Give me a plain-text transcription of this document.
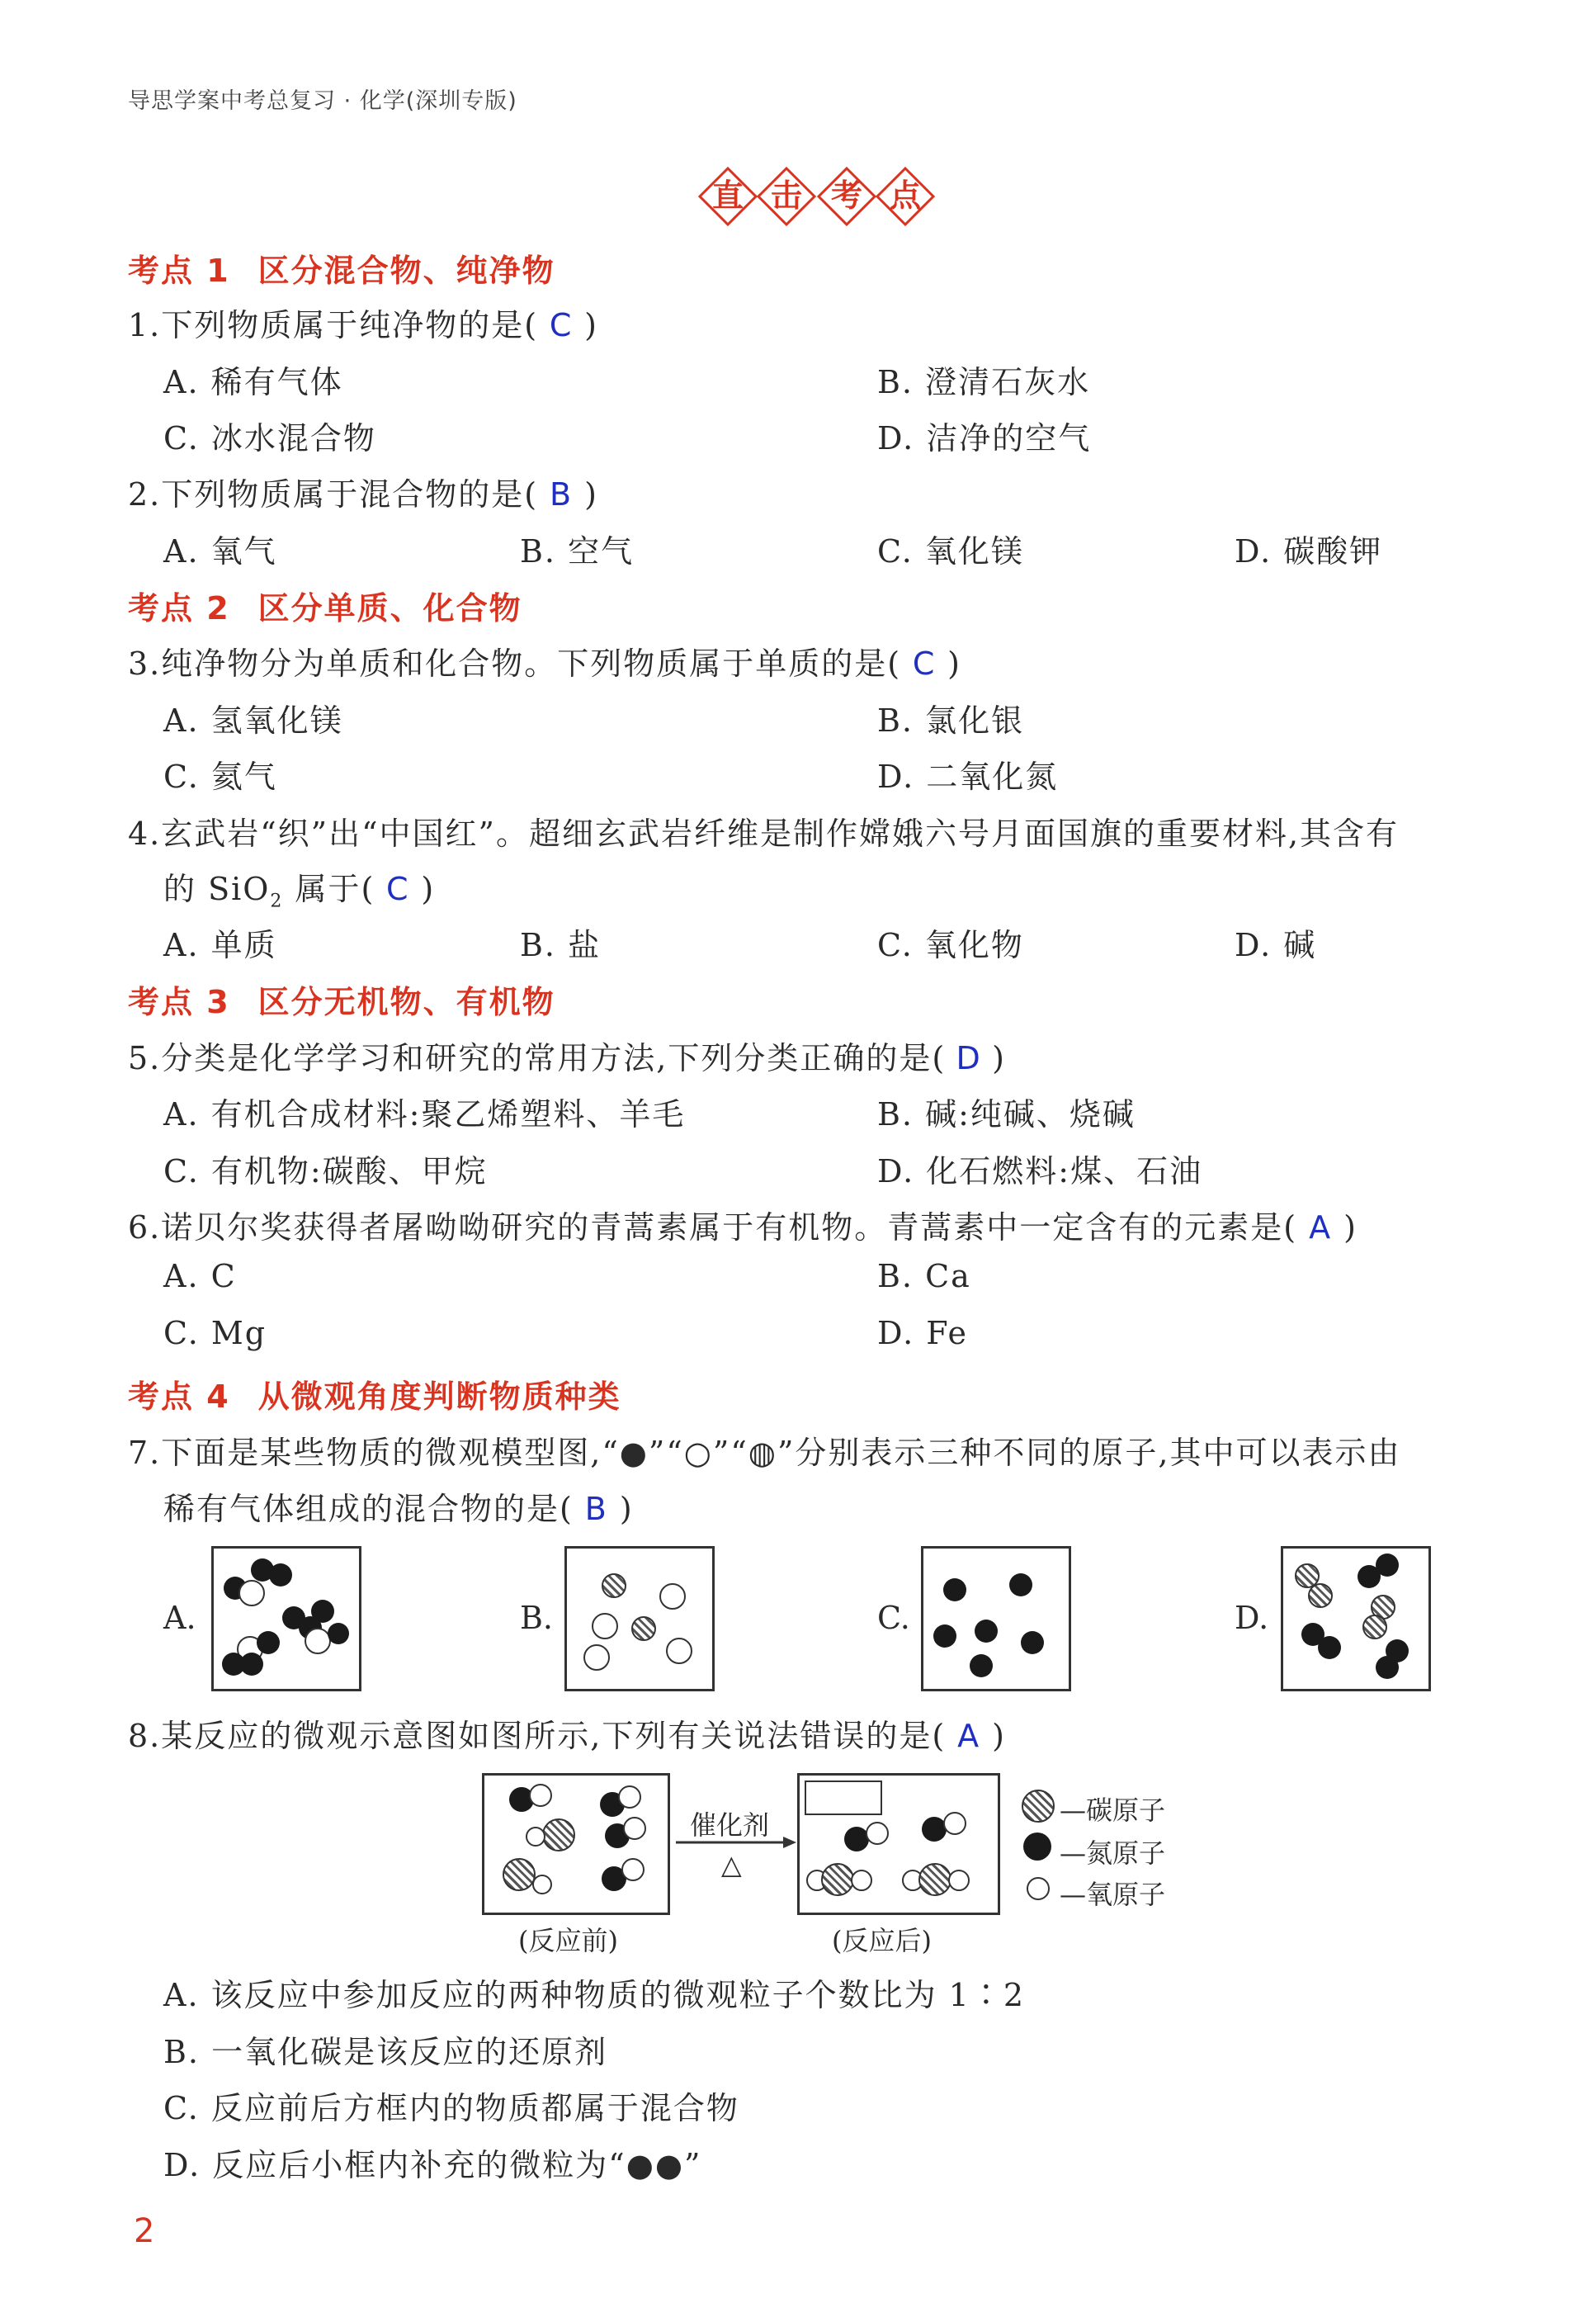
导思学案中考总复习 · 化学(深圳专版)
直 击 考 点
考点 1 区分混合物、纯净物
1.下列物质属于纯净物的是( C )
A. 稀有气体	B. 澄清石灰水
C. 冰水混合物	D. 洁净的空气
2.下列物质属于混合物的是( B )
A. 氧气	B. 空气	C. 氧化镁	D. 碳酸钾
考点 2 区分单质、化合物
3.纯净物分为单质和化合物。下列物质属于单质的是( C )
A. 氢氧化镁	B. 氯化银
C. 氦气	D. 二氧化氮
4.玄武岩“织”出“中国红”。超细玄武岩纤维是制作嫦娥六号月面国旗的重要材料,其含有
的 SiO$_2$ 属于( C )
A. 单质	B. 盐	C. 氧化物	D. 碱
考点 3 区分无机物、有机物
5.分类是化学学习和研究的常用方法,下列分类正确的是( D )
A. 有机合成材料:聚乙烯塑料、羊毛	B. 碱:纯碱、烧碱
C. 有机物:碳酸、甲烷	D. 化石燃料:煤、石油
6.诺贝尔奖获得者屠呦呦研究的青蒿素属于有机物。青蒿素中一定含有的元素是( A )
A. C	B. Ca
C. Mg	D. Fe
考点 4 从微观角度判断物质种类
7.下面是某些物质的微观模型图,“●”“○”“◍”分别表示三种不同的原子,其中可以表示由
稀有气体组成的混合物的是( B )
A.	B.	C.	D.
8.某反应的微观示意图如图所示,下列有关说法错误的是( A )
(反应前)
催化剂
△
(反应后)
—碳原子
—氮原子
—氧原子
A. 该反应中参加反应的两种物质的微观粒子个数比为 1∶2
B. 一氧化碳是该反应的还原剂
C. 反应前后方框内的物质都属于混合物
D. 反应后小框内补充的微粒为“●●”
2
